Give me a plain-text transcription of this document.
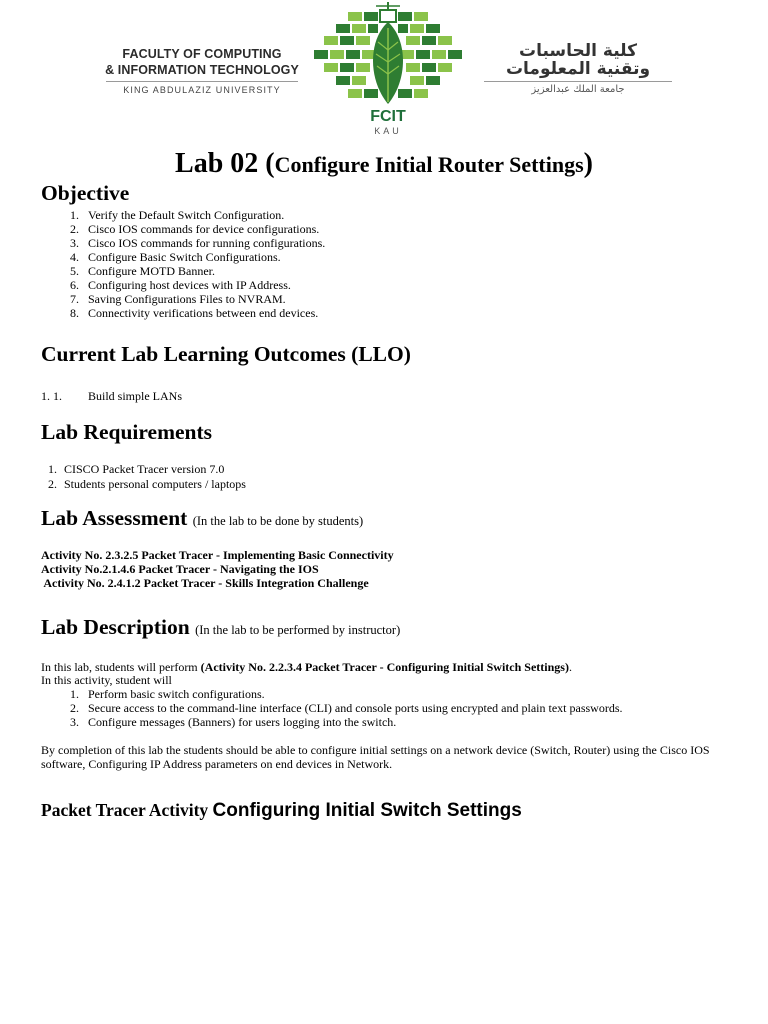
FACULTY OF COMPUTING
& INFORMATION TECHNOLOGY
KING ABDULAZIZ UNIVERSITY
FCIT
KAU
كلية الحاسبات
وتقنية المعلومات
جامعة الملك عبدالعزيز
Lab 02 (Configure Initial Router Settings)
Objective
1. Verify the Default Switch Configuration.
2. Cisco IOS commands for device configurations.
3. Cisco IOS commands for running configurations.
4. Configure Basic Switch Configurations.
5. Configure MOTD Banner.
6. Configuring host devices with IP Address.
7. Saving Configurations Files to NVRAM.
8. Connectivity verifications between end devices.
Current Lab Learning Outcomes (LLO)
1. 1. Build simple LANs
Lab Requirements
1. CISCO Packet Tracer version 7.0
2. Students personal computers / laptops
Lab Assessment (In the lab to be done by students)
Activity No. 2.3.2.5 Packet Tracer - Implementing Basic Connectivity
Activity No.2.1.4.6 Packet Tracer - Navigating the IOS
Activity No. 2.4.1.2 Packet Tracer - Skills Integration Challenge
Lab Description (In the lab to be performed by instructor)
In this lab, students will perform (Activity No. 2.2.3.4 Packet Tracer - Configuring Initial Switch Settings).
In this activity, student will
1. Perform basic switch configurations.
2. Secure access to the command-line interface (CLI) and console ports using encrypted and plain text passwords.
3. Configure messages (Banners) for users logging into the switch.
By completion of this lab the students should be able to configure initial settings on a network device (Switch, Router) using the Cisco IOS software, Configuring IP Address parameters on end devices in Network.
Packet Tracer Activity Configuring Initial Switch Settings
